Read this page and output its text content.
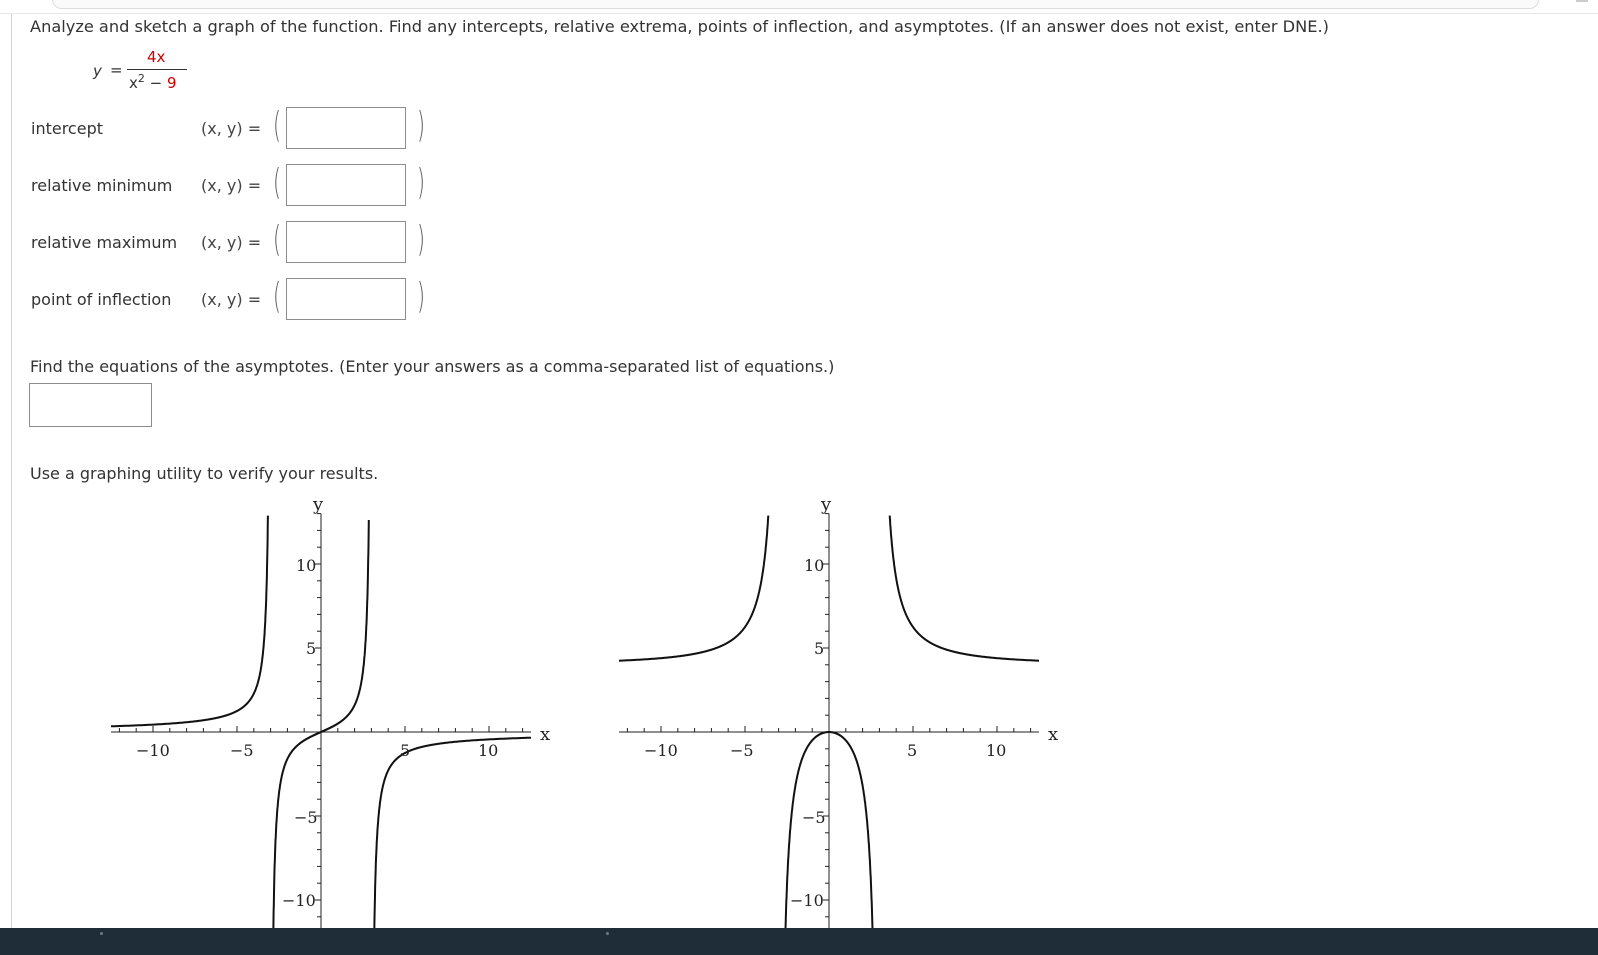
Analyze and sketch a graph of the function. Find any intercepts, relative extrema, points of inflection, and asymptotes. (If an answer does not exist, enter DNE.)
y =
4x
$x^2 - 9$
intercept	(x, y) = (	)
relative minimum (x, y) = (	)
relative maximum (x, y) = (	)
point of inflection (x, y) = (	)
Find the equations of the asymptotes. (Enter your answers as a comma-separated list of equations.)
Use a graphing utility to verify your results.
y
x
−10	−5	5	10
10
5
−5
−10
y
x
−10	−5	5	10
10
5
−5
−10
